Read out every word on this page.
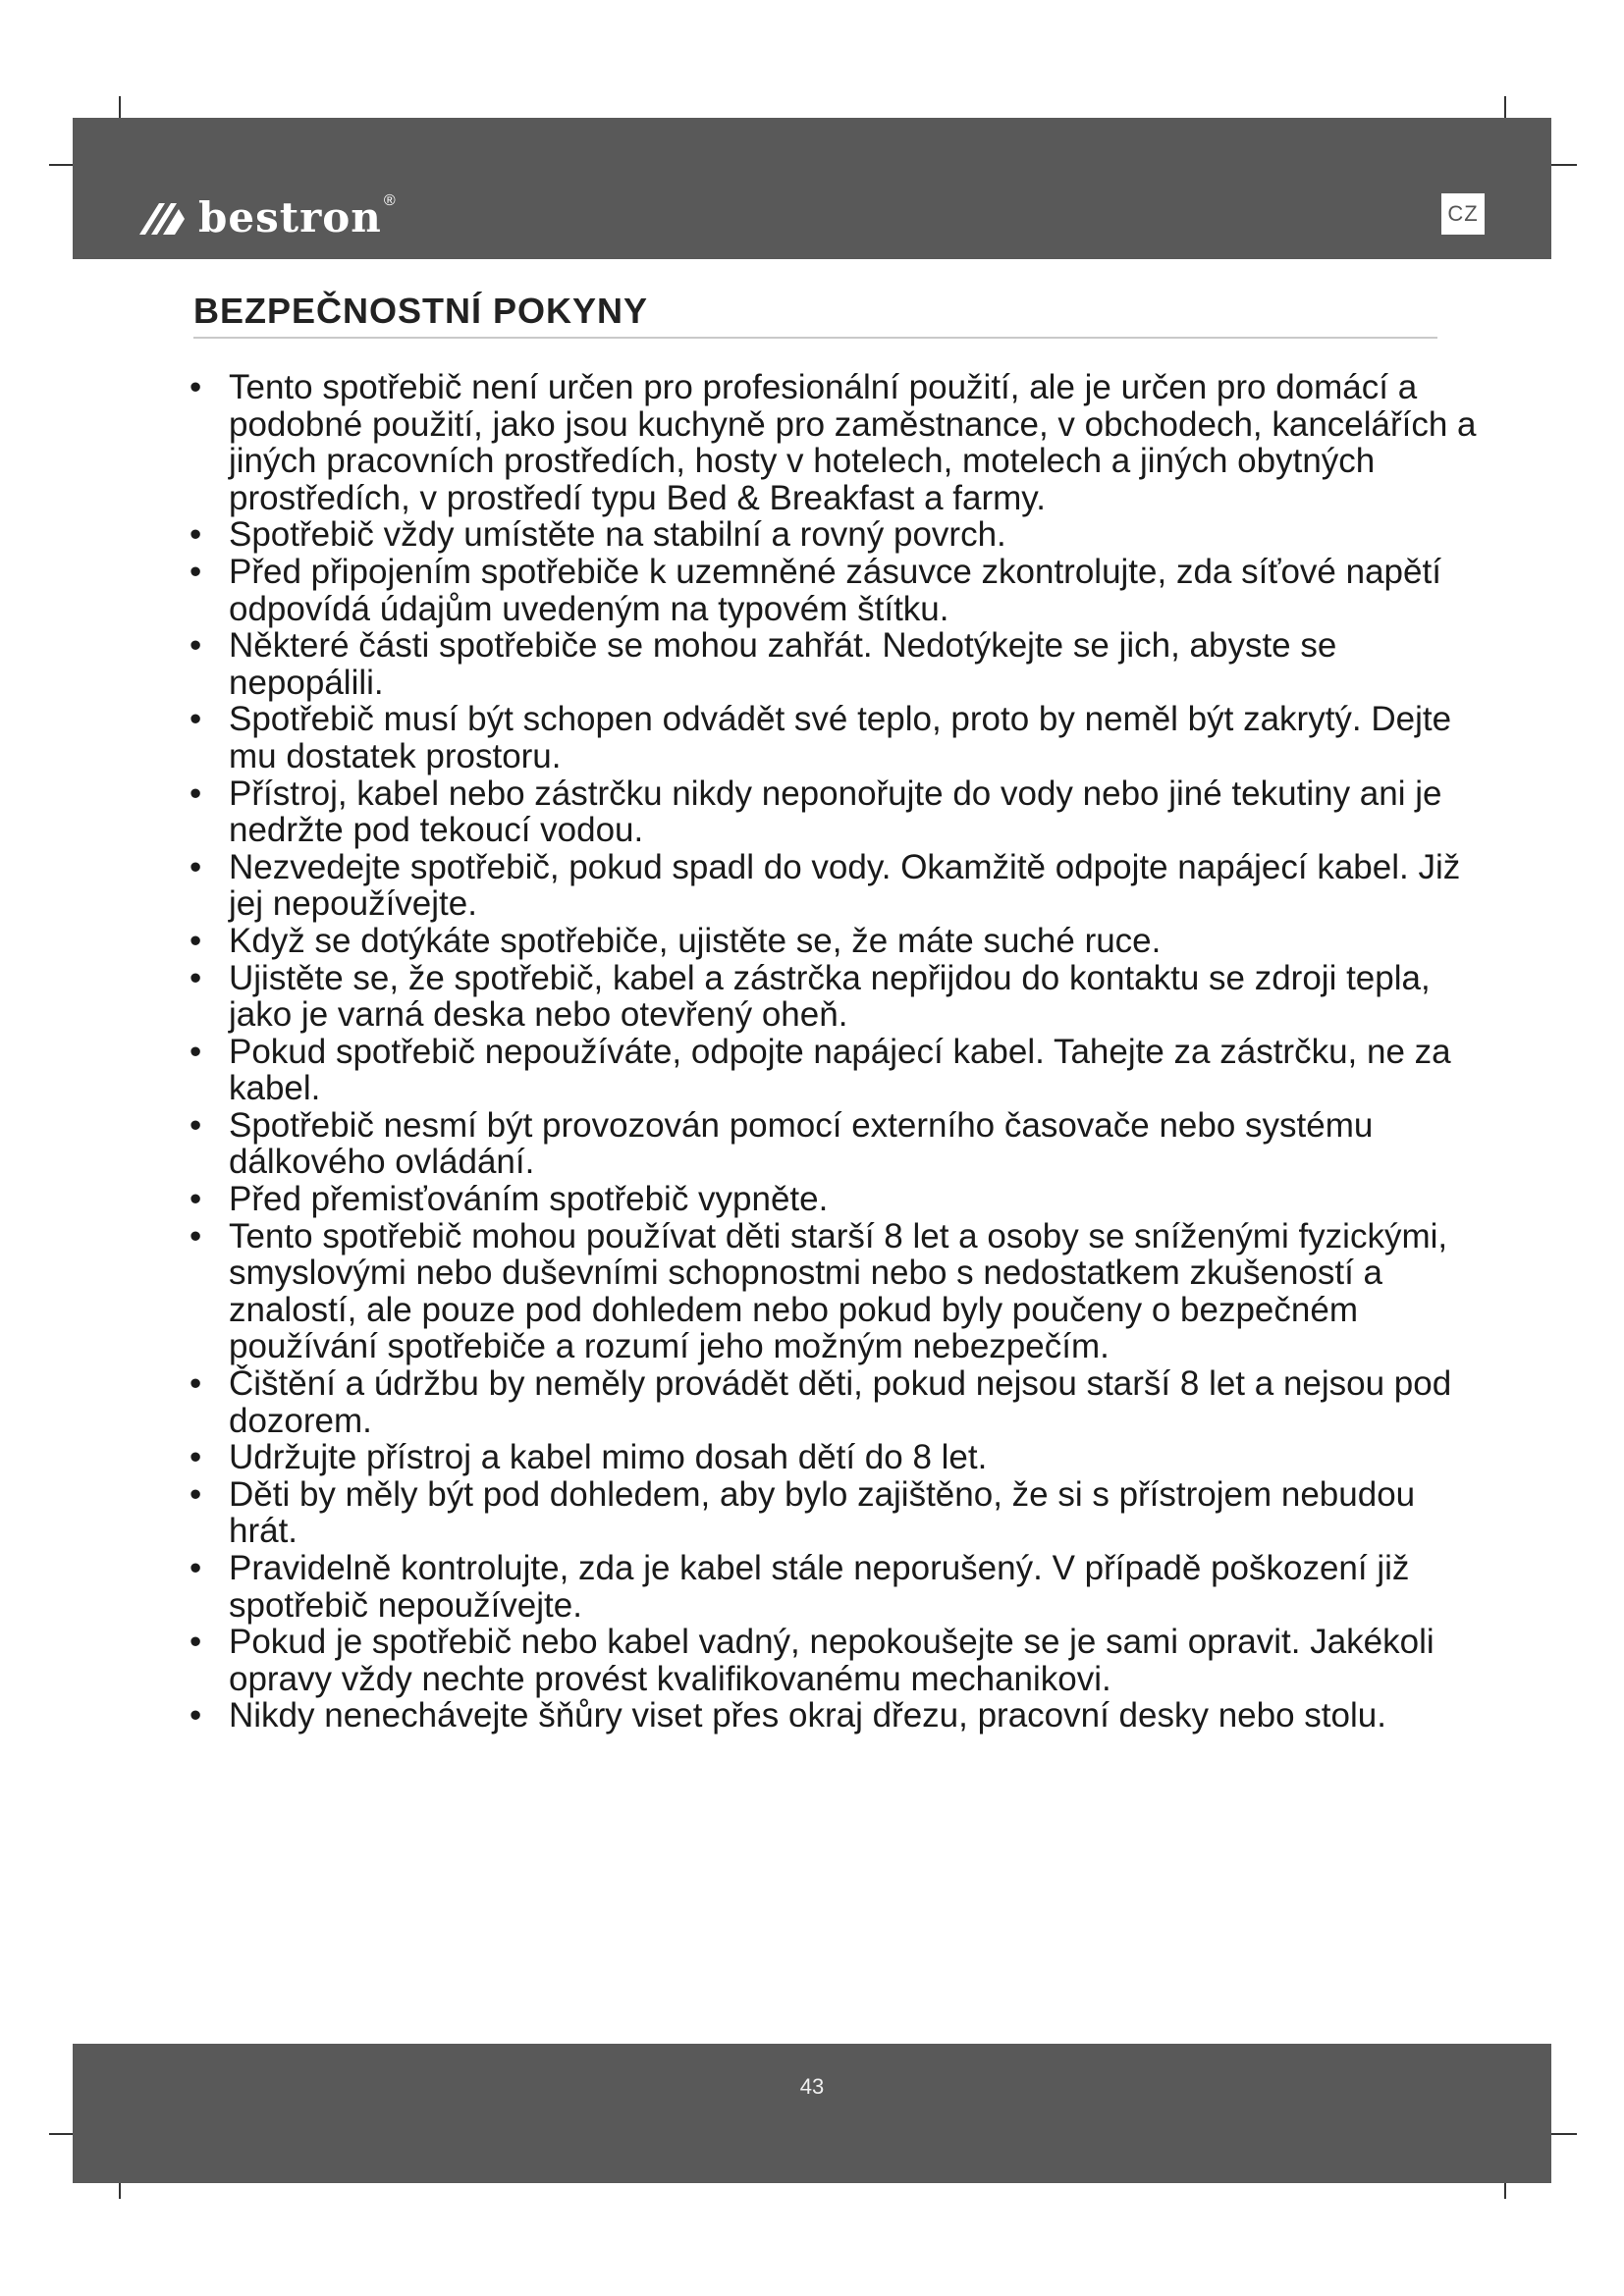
bestron ®
CZ
BEZPEČNOSTNÍ POKYNY
• Tento spotřebič není určen pro profesionální použití, ale je určen pro domácí a podobné použití, jako jsou kuchyně pro zaměstnance, v obchodech, kancelářích a jiných pracovních prostředích, hosty v hotelech, motelech a jiných obytných prostředích, v prostředí typu Bed & Breakfast a farmy.
• Spotřebič vždy umístěte na stabilní a rovný povrch.
• Před připojením spotřebiče k uzemněné zásuvce zkontrolujte, zda síťové napětí odpovídá údajům uvedeným na typovém štítku.
• Některé části spotřebiče se mohou zahřát. Nedotýkejte se jich, abyste se nepopálili.
• Spotřebič musí být schopen odvádět své teplo, proto by neměl být zakrytý. Dejte mu dostatek prostoru.
• Přístroj, kabel nebo zástrčku nikdy neponořujte do vody nebo jiné tekutiny ani je nedržte pod tekoucí vodou.
• Nezvedejte spotřebič, pokud spadl do vody. Okamžitě odpojte napájecí kabel. Již jej nepoužívejte.
• Když se dotýkáte spotřebiče, ujistěte se, že máte suché ruce.
• Ujistěte se, že spotřebič, kabel a zástrčka nepřijdou do kontaktu se zdroji tepla, jako je varná deska nebo otevřený oheň.
• Pokud spotřebič nepoužíváte, odpojte napájecí kabel. Tahejte za zástrčku, ne za kabel.
• Spotřebič nesmí být provozován pomocí externího časovače nebo systému dálkového ovládání.
• Před přemisťováním spotřebič vypněte.
• Tento spotřebič mohou používat děti starší 8 let a osoby se sníženými fyzickými, smyslovými nebo duševními schopnostmi nebo s nedostatkem zkušeností a znalostí, ale pouze pod dohledem nebo pokud byly poučeny o bezpečném používání spotřebiče a rozumí jeho možným nebezpečím.
• Čištění a údržbu by neměly provádět děti, pokud nejsou starší 8 let a nejsou pod dozorem.
• Udržujte přístroj a kabel mimo dosah dětí do 8 let.
• Děti by měly být pod dohledem, aby bylo zajištěno, že si s přístrojem nebudou hrát.
• Pravidelně kontrolujte, zda je kabel stále neporušený. V případě poškození již spotřebič nepoužívejte.
• Pokud je spotřebič nebo kabel vadný, nepokoušejte se je sami opravit. Jakékoli opravy vždy nechte provést kvalifikovanému mechanikovi.
• Nikdy nenechávejte šňůry viset přes okraj dřezu, pracovní desky nebo stolu.
43
